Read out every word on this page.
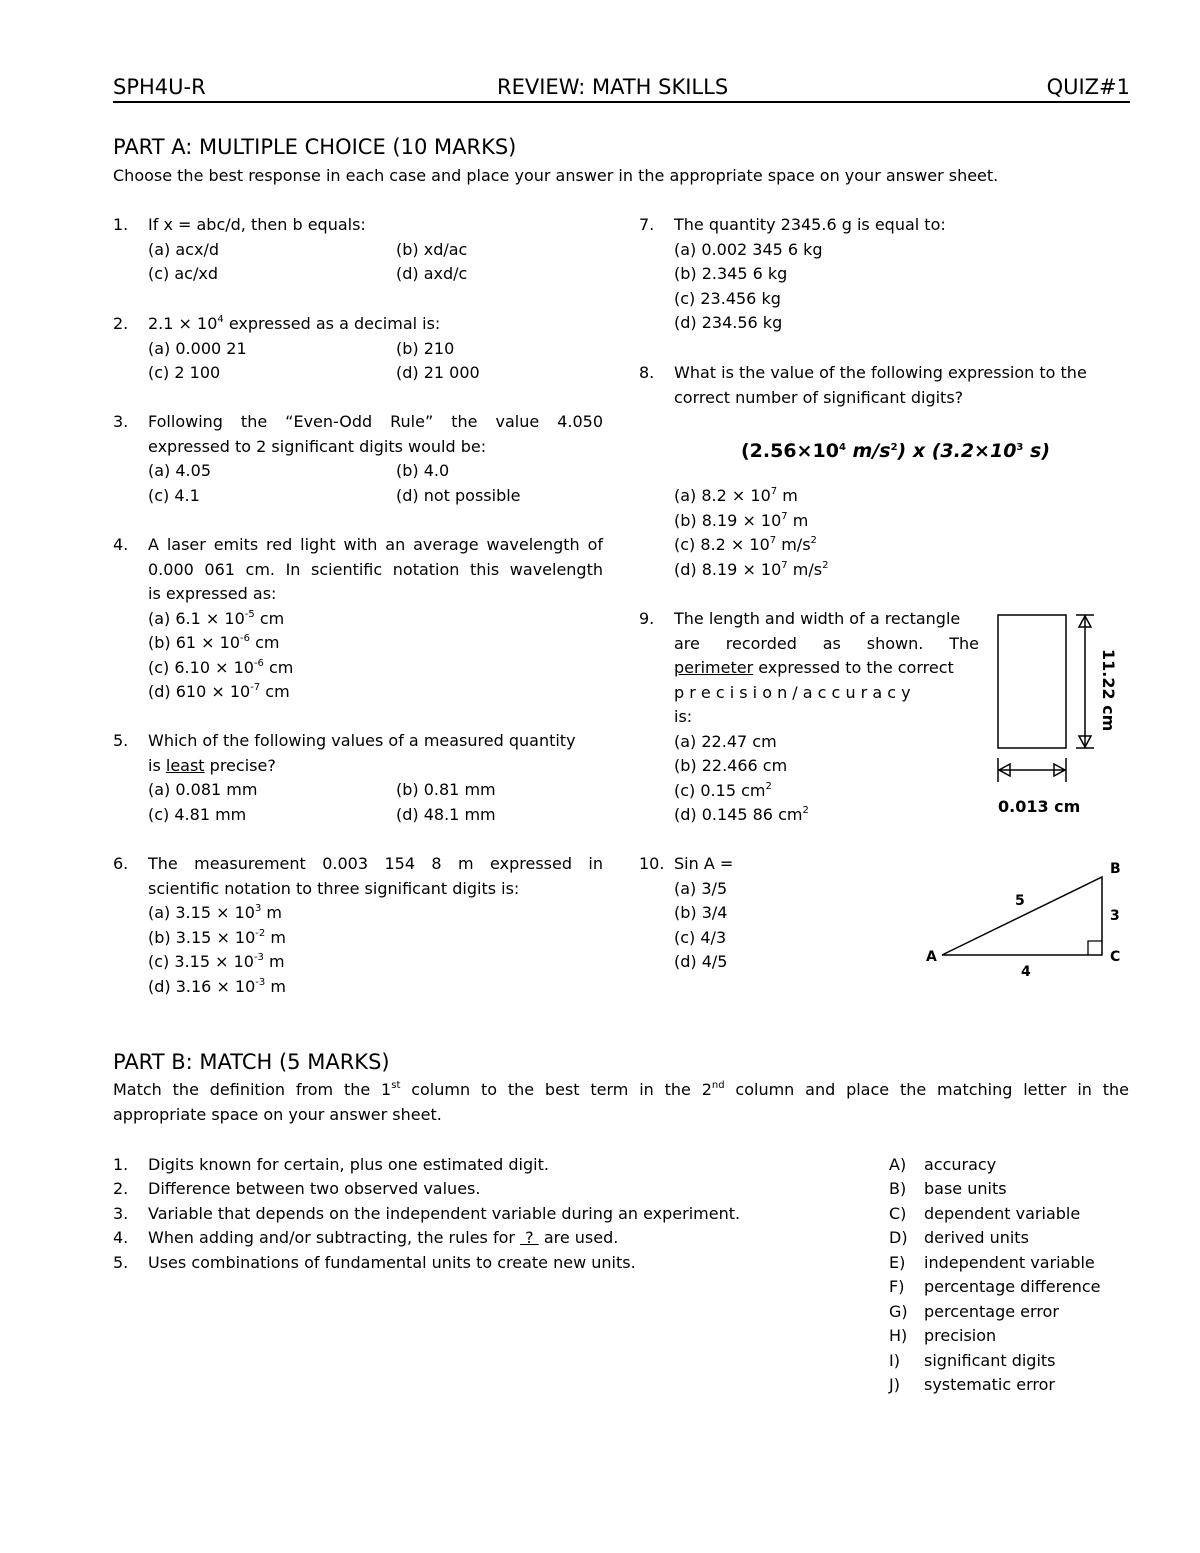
SPH4U-R	REVIEW: MATH SKILLS	QUIZ#1
PART A: MULTIPLE CHOICE (10 MARKS)
Choose the best response in each case and place your answer in the appropriate space on your answer sheet.
1. If x = abc/d, then b equals:
(a) acx/d	(b) xd/ac
(c) ac/xd	(d) axd/c
2. $2.1 \times 10^4$ expressed as a decimal is:
(a) 0.000 21	(b) 210
(c) 2 100	(d) 21 000
3. Following the “Even-Odd Rule” the value 4.050
expressed to 2 significant digits would be:
(a) 4.05	(b) 4.0
(c) 4.1	(d) not possible
4. A laser emits red light with an average wavelength of
0.000 061 cm. In scientific notation this wavelength
is expressed as:
(a) $6.1 \times 10^{-5}$ cm
(b) $61 \times 10^{-6}$ cm
(c) $6.10 \times 10^{-6}$ cm
(d) $610 \times 10^{-7}$ cm
5. Which of the following values of a measured quantity
is least precise?
(a) 0.081 mm	(b) 0.81 mm
(c) 4.81 mm	(d) 48.1 mm
6. The measurement 0.003 154 8 m expressed in
scientific notation to three significant digits is:
(a) $3.15 \times 10^3$ m
(b) $3.15 \times 10^{-2}$ m
(c) $3.15 \times 10^{-3}$ m
(d) $3.16 \times 10^{-3}$ m
7. The quantity 2345.6 g is equal to:
(a) 0.002 345 6 kg
(b) 2.345 6 kg
(c) 23.456 kg
(d) 234.56 kg
8. What is the value of the following expression to the
correct number of significant digits?
($2.56\times 10^4$ $m/s^2$) x ($3.2\times 10^3$ s)
(a) $8.2 \times 10^7$ m
(b) $8.19 \times 10^7$ m
(c) $8.2 \times 10^7$ $m/s^2$
(d) $8.19 \times 10^7$ $m/s^2$
9. The length and width of a rectangle
are recorded as shown. The
perimeter expressed to the correct
p r e c i s i o n / a c c u r a c y
is:
(a) 22.47 cm
(b) 22.466 cm
(c) 0.15 $cm^2$
(d) 0.145 86 $cm^2$
11.22 cm
0.013 cm
10. Sin A =
(a) 3/5
(b) 3/4
(c) 4/3
(d) 4/5	A
B
C
5
3
4
PART B: MATCH (5 MARKS)
Match the definition from the 1st column to the best term in the 2nd column and place the matching letter in the
appropriate space on your answer sheet.
1. Digits known for certain, plus one estimated digit.
2. Difference between two observed values.
3. Variable that depends on the independent variable during an experiment.
4. When adding and/or subtracting, the rules for  ?  are used.
5. Uses combinations of fundamental units to create new units.
A) accuracy
B) base units
C) dependent variable
D) derived units
E) independent variable
F) percentage difference
G) percentage error
H) precision
I) significant digits
J) systematic error
